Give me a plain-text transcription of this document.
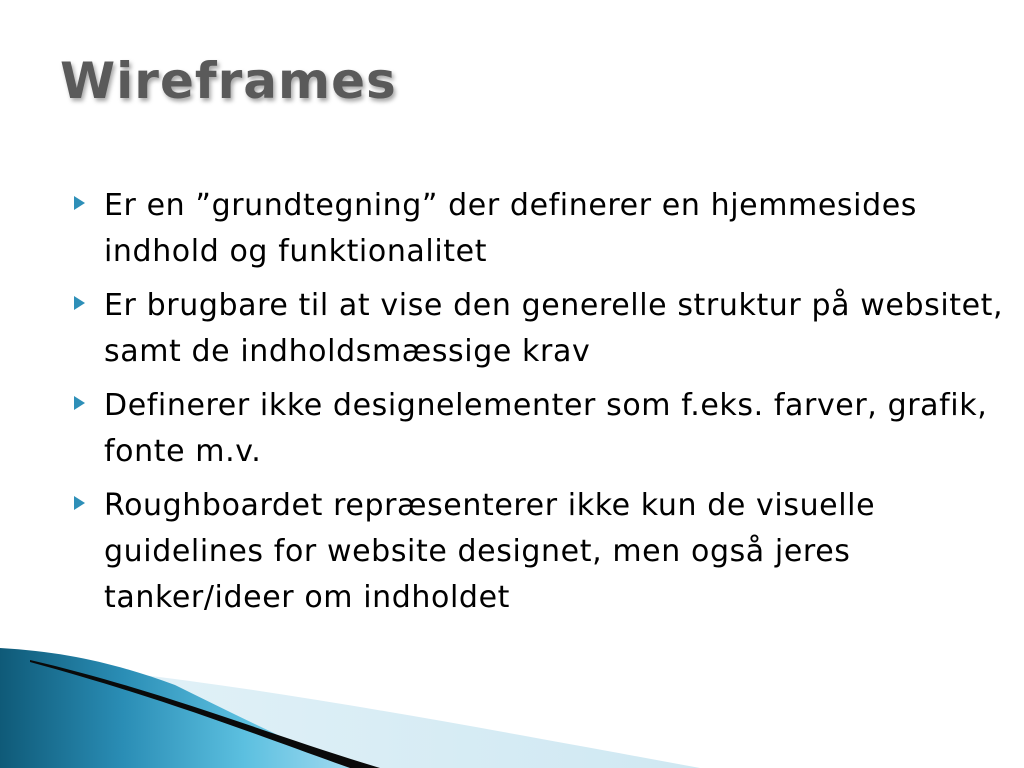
Wireframes
Er en ”grundtegning” der definerer en hjemmesides indhold og funktionalitet
Er brugbare til at vise den generelle struktur på websitet, samt de indholdsmæssige krav
Definerer ikke designelementer som f.eks. farver, grafik, fonte m.v.
Roughboardet repræsenterer ikke kun de visuelle guidelines for website designet, men også jeres tanker/ideer om indholdet
